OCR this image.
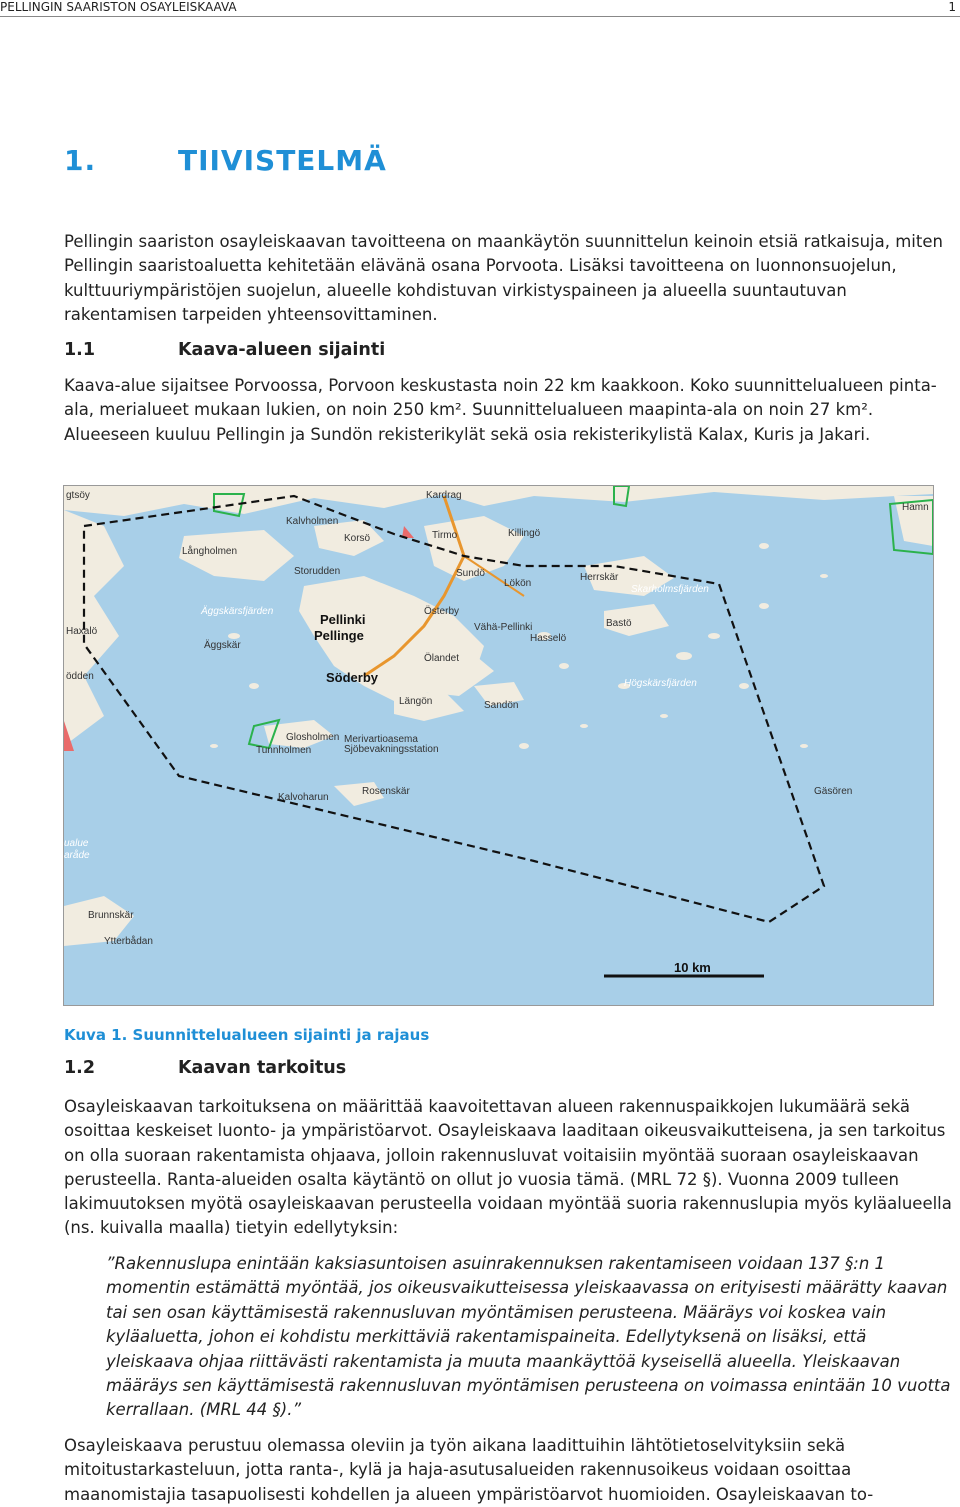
PELLINGIN SAARISTON OSAYLEISKAAVA	1
1.	TIIVISTELMÄ

Pellingin saariston osayleiskaavan tavoitteena on maankäytön suunnittelun keinoin etsiä ratkaisuja, miten Pellingin saaristoaluetta kehitetään elävänä osana Porvoota. Lisäksi tavoitteena on luonnonsuojelun, kulttuuriympäristöjen suojelun, alueelle kohdistuvan virkistyspaineen ja alueella suuntautuvan rakentamisen tarpeiden yhteensovittaminen.

1.1	Kaava-alueen sijainti

Kaava-alue sijaitsee Porvoossa, Porvoon keskustasta noin 22 km kaakkoon. Koko suunnittelualueen pinta-ala, merialueet mukaan lukien, on noin 250 km². Suunnittelualueen maapinta-ala on noin 27 km². Alueeseen kuuluu Pellingin ja Sundön rekisterikylät sekä osia rekisterikylistä Kalax, Kuris ja Jakari.

Kardrag
Kalvholmen
Korsö	Tirmo	Killingö
Långholmen
Storudden	Sundö
Lökön
Herrskär
Skarholmsfjärden
Äggskärsfjärden	Österby
Vähä-Pellinki
Hasselö
Bastö
Pellinki
Pellinge
Haxalö
Äggskär
Ölandet
ödden	Söderby	Högskärsfjärden
Längön	Sandön
Glosholmen Merivartioasema
Sjöbevakningsstation
Tunnholmen
Gäsören
Kalvoharun
Rosenskär
ualue
aråde
Brunnskär
Ytterbådan
Hamn
gtsöy
10 km
Kuva 1. Suunnittelualueen sijainti ja rajaus
1.2	Kaavan tarkoitus

Osayleiskaavan tarkoituksena on määrittää kaavoitettavan alueen rakennuspaikkojen lukumäärä sekä osoittaa keskeiset luonto- ja ympäristöarvot. Osayleiskaava laaditaan oikeusvaikutteisena, ja sen tarkoitus on olla suoraan rakentamista ohjaava, jolloin rakennusluvat voitaisiin myöntää suoraan osayleiskaavan perusteella. Ranta-alueiden osalta käytäntö on ollut jo vuosia tämä. (MRL 72 §). Vuonna 2009 tulleen lakimuutoksen myötä osayleiskaavan perusteella voidaan myöntää suoria rakennuslupia myös kyläalueella (ns. kuivalla maalla) tietyin edellytyksin:

”Rakennuslupa enintään kaksiasuntoisen asuinrakennuksen rakentamiseen voidaan 137 §:n 1 momentin estämättä myöntää, jos oikeusvaikutteisessa yleiskaavassa on erityisesti määrätty kaavan tai sen osan käyttämisestä rakennusluvan myöntämisen perusteena. Määräys voi koskea vain kyläaluetta, johon ei kohdistu merkittäviä rakentamispaineita. Edellytyksenä on lisäksi, että yleiskaava ohjaa riittävästi rakentamista ja muuta maankäyttöä kyseisellä alueella. Yleiskaavan määräys sen käyttämisestä rakennusluvan myöntämisen perusteena on voimassa enintään 10 vuotta kerrallaan. (MRL 44 §).”

Osayleiskaava perustuu olemassa oleviin ja työn aikana laadittuihin lähtötietoselvityksiin sekä mitoitustarkasteluun, jotta ranta-, kylä ja haja-asutusalueiden rakennusoikeus voidaan osoittaa maanomistajia tasapuolisesti kohdellen ja alueen ympäristöarvot huomioiden. Osayleiskaavan to-
